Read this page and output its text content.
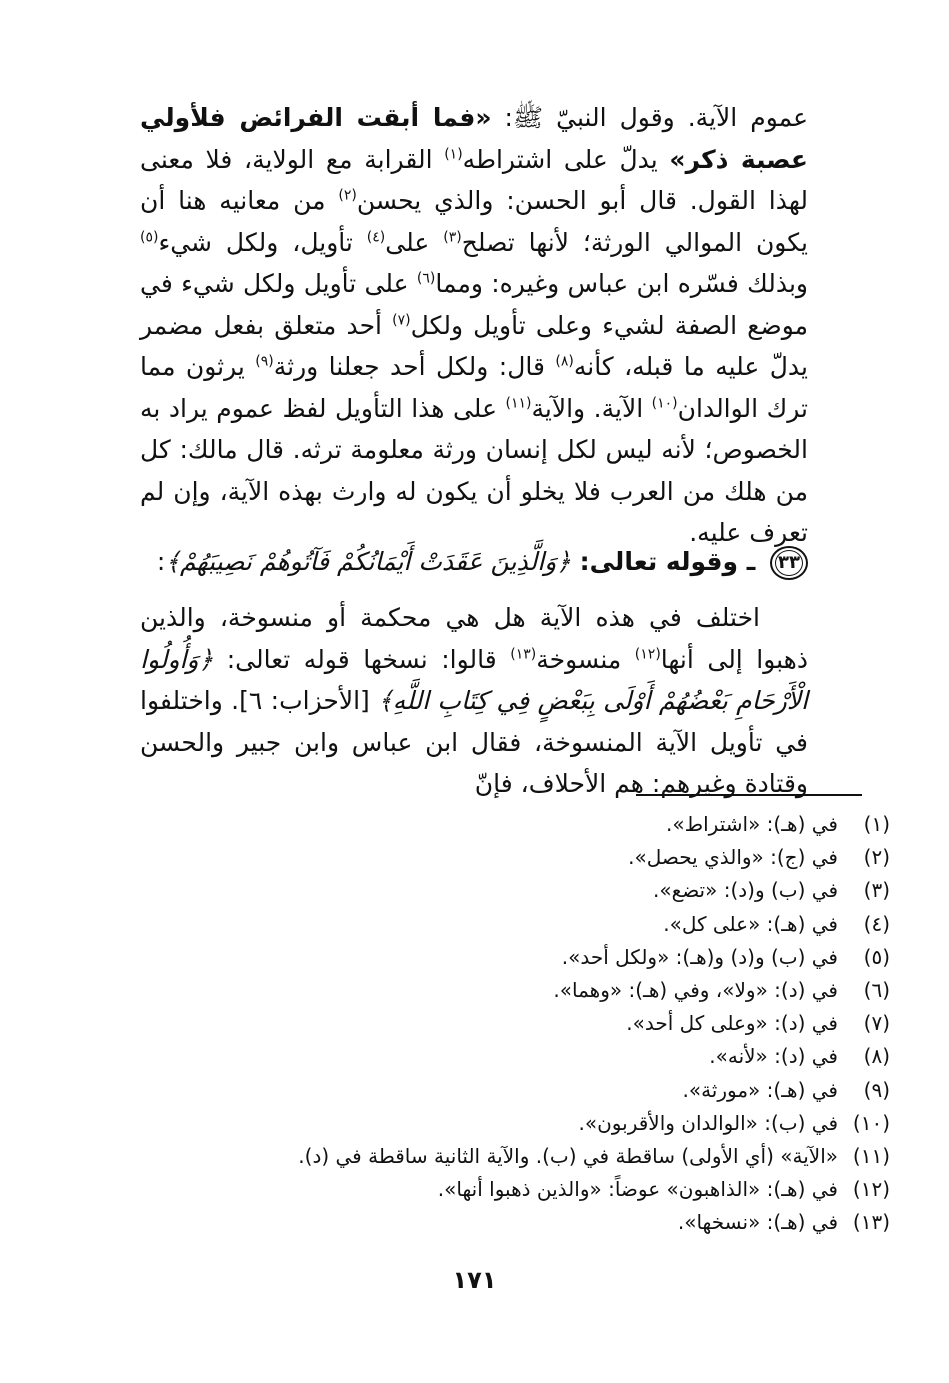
عموم الآية. وقول النبيّ ﷺ: «فما أبقت الفرائض فلأولي عصبة ذكر» يدلّ على اشتراطه$^{(١)}$ القرابة مع الولاية، فلا معنى لهذا القول. قال أبو الحسن: والذي يحسن$^{(٢)}$ من معانيه هنا أن يكون الموالي الورثة؛ لأنها تصلح$^{(٣)}$ على$^{(٤)}$ تأويل، ولكل شيء$^{(٥)}$ وبذلك فسّره ابن عباس وغيره: ومما$^{(٦)}$ على تأويل ولكل شيء في موضع الصفة لشيء وعلى تأويل ولكل$^{(٧)}$ أحد متعلق بفعل مضمر يدلّ عليه ما قبله، كأنه$^{(٨)}$ قال: ولكل أحد جعلنا ورثة$^{(٩)}$ يرثون مما ترك الوالدان$^{(١٠)}$ الآية. والآية$^{(١١)}$ على هذا التأويل لفظ عموم يراد به الخصوص؛ لأنه ليس لكل إنسان ورثة معلومة ترثه. قال مالك: كل من هلك من العرب فلا يخلو أن يكون له وارث بهذه الآية، وإن لم تعرف عليه.
٣٣ ـ وقوله تعالى: ﴿وَالَّذِينَ عَقَدَتْ أَيْمَانُكُمْ فَآتُوهُمْ نَصِيبَهُمْ﴾:
اختلف في هذه الآية هل هي محكمة أو منسوخة، والذين ذهبوا إلى أنها$^{(١٢)}$ منسوخة$^{(١٣)}$ قالوا: نسخها قوله تعالى: ﴿وَأُولُوا الْأَرْحَامِ بَعْضُهُمْ أَوْلَى بِبَعْضٍ فِي كِتَابِ اللَّهِ﴾ [الأحزاب: ٦]. واختلفوا في تأويل الآية المنسوخة، فقال ابن عباس وابن جبير والحسن وقتادة وغيرهم: هم الأحلاف، فإنّ
(١)في (هـ): «اشتراط».
(٢)في (ج): «والذي يحصل».
(٣)في (ب) و(د): «تضع».
(٤)في (هـ): «على كل».
(٥)في (ب) و(د) و(هـ): «ولكل أحد».
(٦)في (د): «ولا»، وفي (هـ): «وهما».
(٧)في (د): «وعلى كل أحد».
(٨)في (د): «لأنه».
(٩)في (هـ): «مورثة».
(١٠)في (ب): «الوالدان والأقربون».
(١١)«الآية» (أي الأولى) ساقطة في (ب). والآية الثانية ساقطة في (د).
(١٢)في (هـ): «الذاهبون» عوضاً: «والذين ذهبوا أنها».
(١٣)في (هـ): «نسخها».
١٧١
